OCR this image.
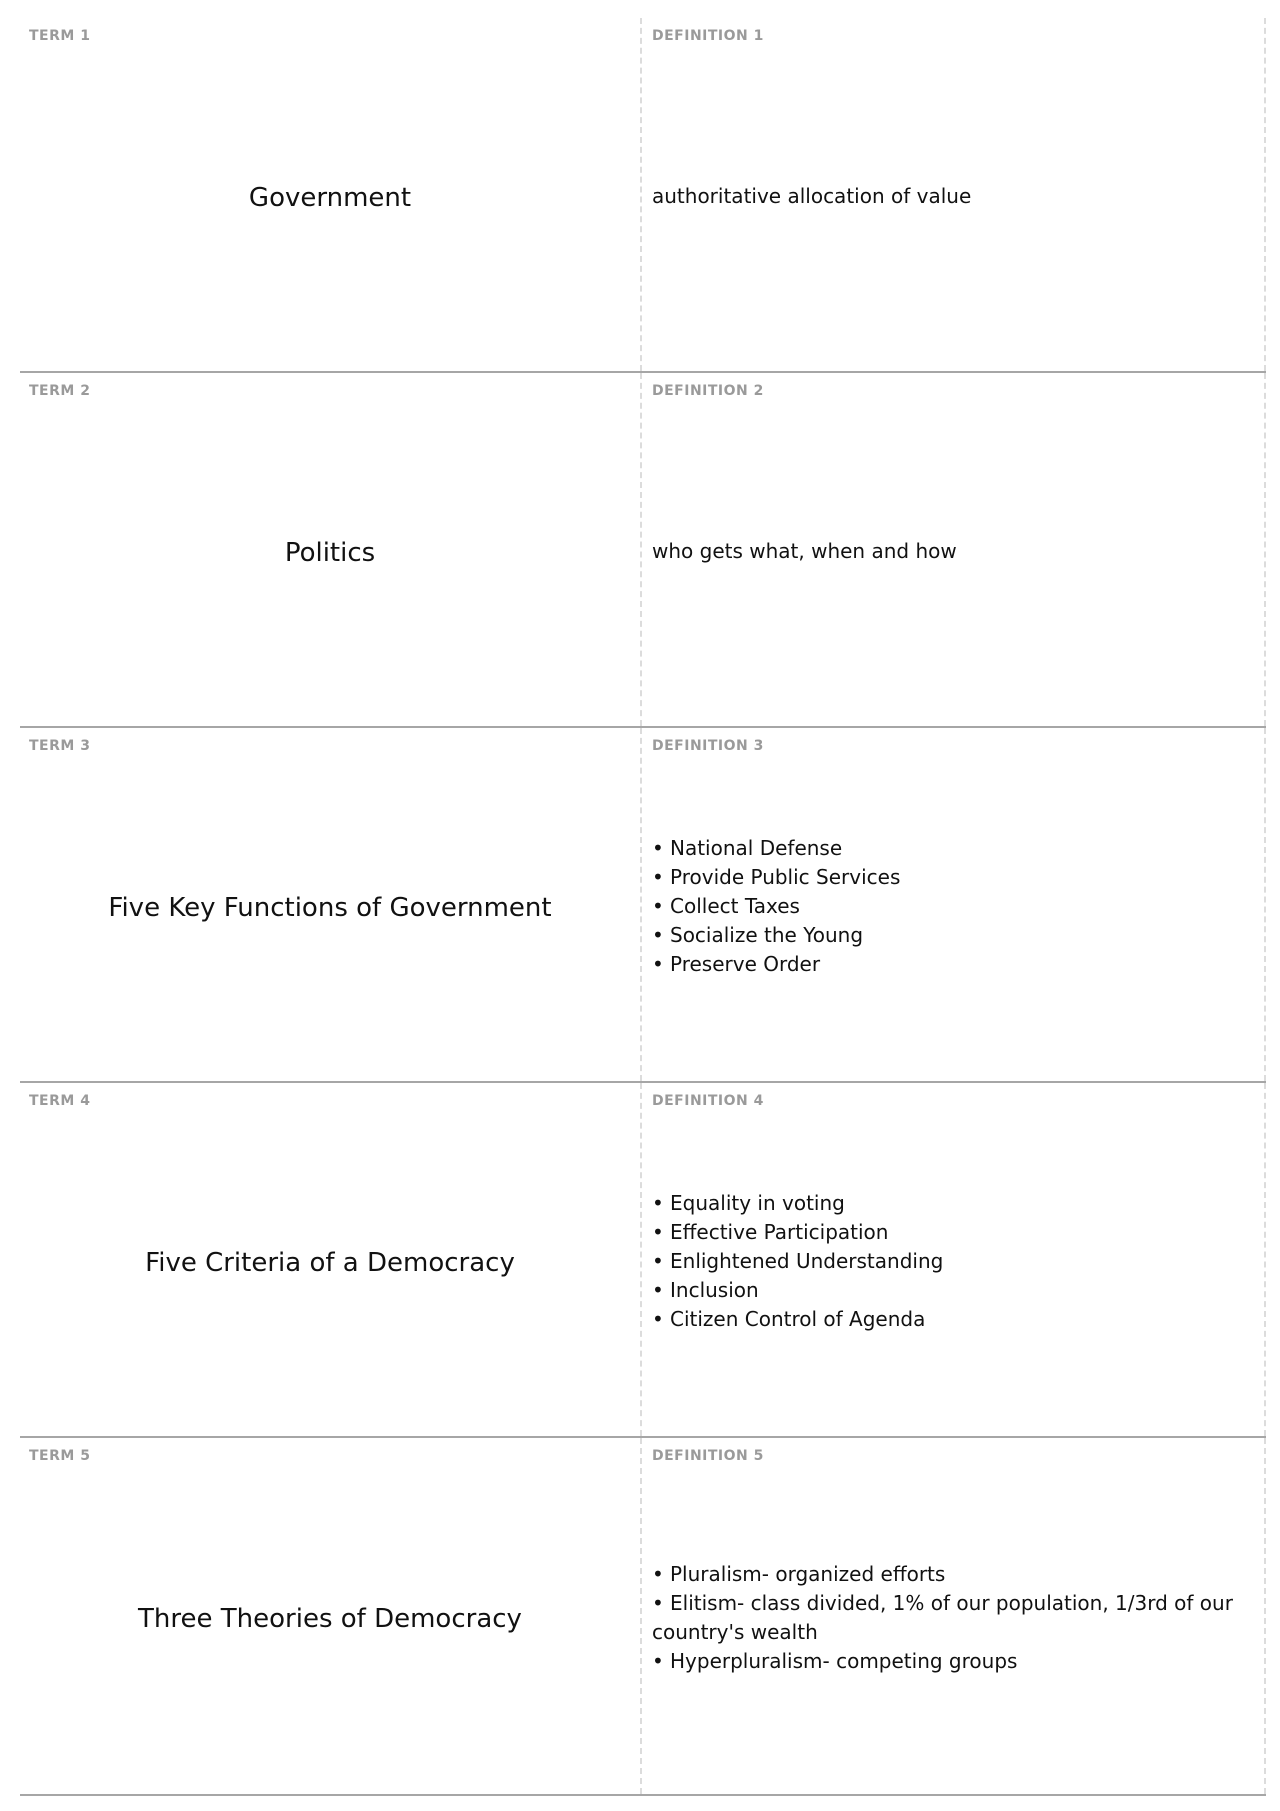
TERM 1
Government
DEFINITION 1
authoritative allocation of value
TERM 2
Politics
DEFINITION 2
who gets what, when and how
TERM 3
Five Key Functions of Government
DEFINITION 3
• National Defense
• Provide Public Services
• Collect Taxes
• Socialize the Young
• Preserve Order
TERM 4
Five Criteria of a Democracy
DEFINITION 4
• Equality in voting
• Effective Participation
• Enlightened Understanding
• Inclusion
• Citizen Control of Agenda
TERM 5
Three Theories of Democracy
DEFINITION 5
• Pluralism- organized efforts
• Elitism- class divided, 1% of our population, 1/3rd of our country's wealth
• Hyperpluralism- competing groups
